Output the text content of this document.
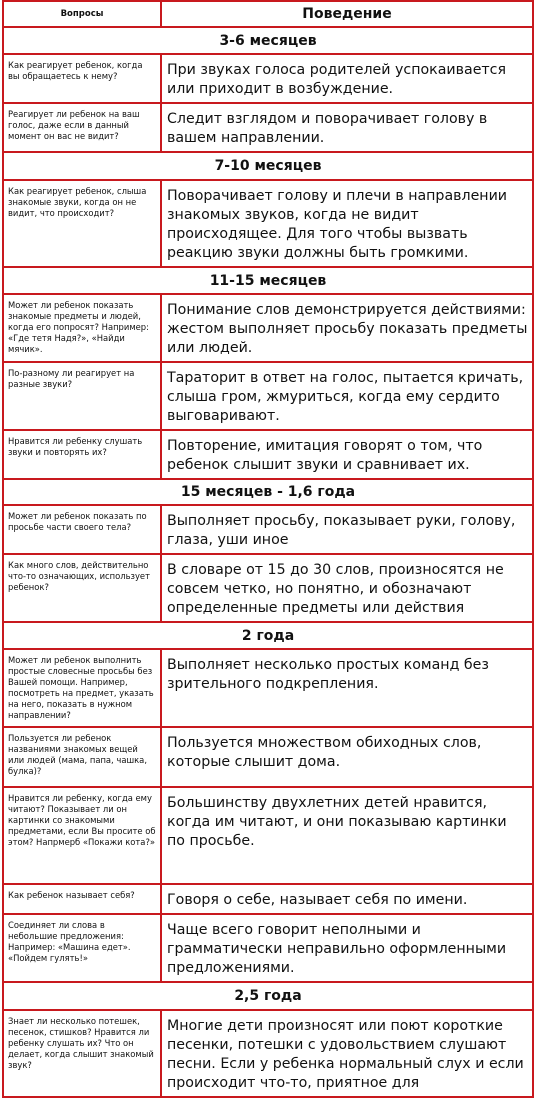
Вопросы	Поведение
3-6 месяцев	
Как реагирует ребенок, когда вы обращаетесь к нему?	При звуках голоса родителей успокаивается или приходит в возбуждение.
Реагирует ли ребенок на ваш голос, даже если в данный момент он вас не видит?	Следит взглядом и поворачивает голову в вашем направлении.
7-10 месяцев	
Как реагирует ребенок, слыша знакомые звуки, когда он не видит, что происходит?	Поворачивает голову и плечи в направлении знакомых звуков, когда не видит происходящее. Для того чтобы вызвать реакцию звуки должны быть громкими.
11-15 месяцев	
Может ли ребенок показать знакомые предметы и людей, когда его попросят? Например: «Где тетя Надя?», «Найди мячик».	Понимание слов демонстрируется действиями: жестом выполняет просьбу показать предметы или людей.
По-разному ли реагирует на разные звуки?	Тараторит в ответ на голос, пытается кричать, слыша гром, жмуриться, когда ему сердито выговаривают.
Нравится ли ребенку слушать звуки и повторять их?	Повторение, имитация говорят о том, что ребенок слышит звуки и сравнивает их.
15 месяцев - 1,6 года	
Может ли ребенок показать по просьбе части своего тела?	Выполняет просьбу, показывает руки, голову, глаза, уши иное
Как много слов, действительно что-то означающих, использует ребенок?	В словаре от 15 до 30 слов, произносятся не совсем четко, но понятно, и обозначают определенные предметы или действия
2 года	
Может ли ребенок выполнить простые словесные просьбы без Вашей помощи. Например, посмотреть на предмет, указать на него, показать в нужном направлении?	Выполняет несколько простых команд без зрительного подкрепления.
Пользуется ли ребенок названиями знакомых вещей или людей (мама, папа, чашка, булка)?	Пользуется множеством обиходных слов, которые слышит дома.
Нравится ли ребенку, когда ему читают? Показывает ли он картинки со знакомыми предметами, если Вы просите об этом? Напрмерб «Покажи кота?»	Большинству двухлетних детей нравится, когда им читают, и они показываю картинки по просьбе.
Как ребенок называет себя?	Говоря о себе, называет себя по имени.
Соединяет ли слова в небольшие предложения: Например: «Машина едет». «Пойдем гулять!»	Чаще всего говорит неполными и грамматически неправильно оформленными предложениями.
2,5 года	
Знает ли несколько потешек, песенок, стишков? Нравится ли ребенку слушать их? Что он делает, когда слышит знакомый звук?	Многие дети произносят или поют короткие песенки, потешки с удовольствием слушают песни. Если у ребенка нормальный слух и если происходит что-то, приятное для
